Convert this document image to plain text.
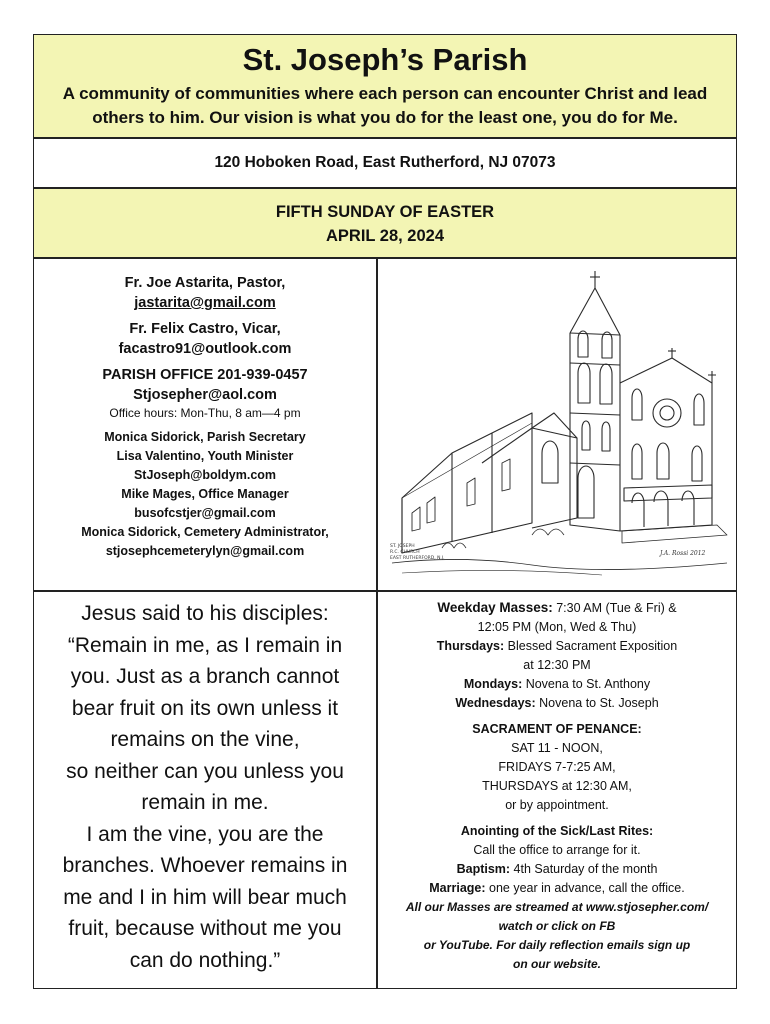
St. Joseph’s Parish
A community of communities where each person can encounter Christ and lead others to him. Our vision is what you do for the least one, you do for Me.
120 Hoboken Road, East Rutherford, NJ 07073
FIFTH SUNDAY OF EASTER
APRIL 28, 2024
Fr. Joe Astarita, Pastor,
jastarita@gmail.com
Fr. Felix Castro, Vicar,
facastro91@outlook.com
PARISH OFFICE 201-939-0457
Stjosepher@aol.com
Office hours: Mon-Thu, 8 am—4 pm
Monica Sidorick, Parish Secretary
Lisa Valentino, Youth Minister
StJoseph@boldym.com
Mike Mages, Office Manager
busofcstjer@gmail.com
Monica Sidorick, Cemetery Administrator,
stjosephcemeterylyn@gmail.com	ST. JOSEPH
R.C. CHURCH
EAST RUTHERFORD, N.J.
J.A. Rossi 2012
Jesus said to his disciples:
“Remain in me, as I remain in
you. Just as a branch cannot
bear fruit on its own unless it
remains on the vine,
so neither can you unless you
remain in me.
I am the vine, you are the
branches. Whoever remains in
me and I in him will bear much
fruit, because without me you
can do nothing.”
Weekday Masses: 7:30 AM (Tue & Fri) &
12:05 PM (Mon, Wed & Thu)
Thursdays: Blessed Sacrament Exposition
at 12:30 PM
Mondays: Novena to St. Anthony
Wednesdays: Novena to St. Joseph
SACRAMENT OF PENANCE:
SAT 11 - NOON,
FRIDAYS 7-7:25 AM,
THURSDAYS at 12:30 AM,
or by appointment.
Anointing of the Sick/Last Rites:
Call the office to arrange for it.
Baptism: 4th Saturday of the month
Marriage: one year in advance, call the office.
All our Masses are streamed at www.stjosepher.com/
watch or click on FB
or YouTube. For daily reflection emails sign up
on our website.
